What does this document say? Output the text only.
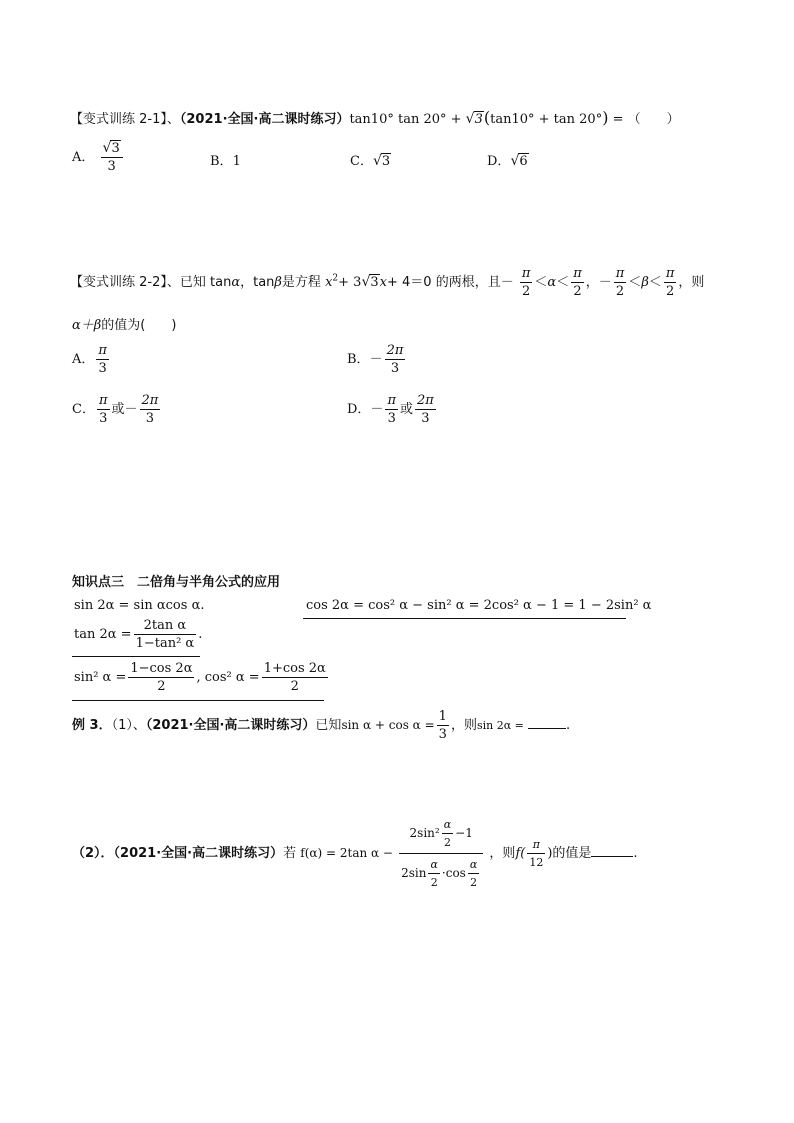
【变式训练 2-1】、（2021·全国·高二课时练习）tan10° tan 20° + √3(tan10° + tan 20°) = （　　）
A． $\frac{√3}{3}$	B．1	C．√3	D．√6
【变式训练 2-2】、已知 tanα，tanβ是方程 $x^2+ 3√3x+ 4=0$ 的两根，且－ $\frac{\pi}{2} <\alpha< \frac{\pi}{2}$ ，－ $\frac{\pi}{2} <\beta< \frac{\pi}{2}$ ，则
α＋β的值为(　　)
A． $\frac{\pi}{3}$	B．－ $\frac{2\pi}{3}$
C． $\frac{\pi}{3}$ 或－ $\frac{2\pi}{3}$	D．－ $\frac{\pi}{3}$ 或 $\frac{2\pi}{3}$
知识点三　二倍角与半角公式的应用
sin 2α = sin αcos α.	cos 2α = cos² α − sin² α = 2cos² α − 1 = 1 − 2sin² α
$\tan 2\alpha = \frac{\text{2tan α}}{\text{1−tan² α}}$ .
sin² $\alpha = \frac{1-\cos 2\alpha}{2}$ , cos² $\alpha = \frac{1+\cos 2\alpha}{2}$
例 3．（1）、（2021·全国·高二课时练习）已知$\sin \alpha + \cos \alpha = \frac{1}{3}$ ，则sin 2α =	.
（2）．（2021·全国·高二课时练习）若 f(α) = 2tan $\alpha - \frac{2\sin^2 \frac{\alpha}{2} -1}{2\sin \frac{\alpha}{2} \cdot\cos \frac{\alpha}{2}}$ ，则$f( \frac{\pi}{12}$ )的值是	.
